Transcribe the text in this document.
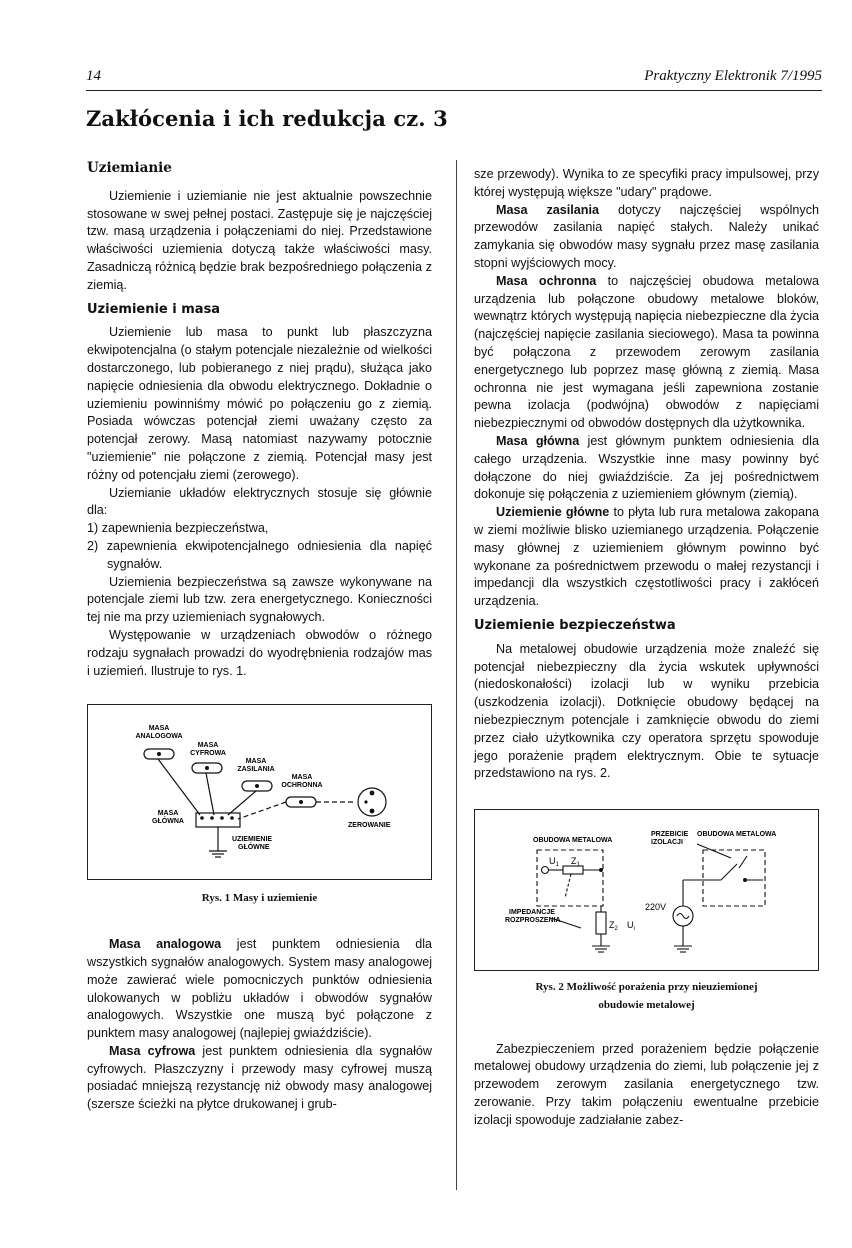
14	Praktyczny Elektronik 7/1995
Zakłócenia i ich redukcja cz. 3
Uziemianie

Uziemienie i uziemianie nie jest aktualnie powszechnie stosowane w swej pełnej postaci. Zastępuje się je najczęściej tzw. masą urządzenia i połączeniami do niej. Przedstawione właściwości uziemienia dotyczą także właściwości masy. Zasadniczą różnicą będzie brak bezpośredniego połączenia z ziemią.

Uziemienie i masa

Uziemienie lub masa to punkt lub płaszczyzna ekwipotencjalna (o stałym potencjale niezależnie od wielkości dostarczonego, lub pobieranego z niej prądu), służąca jako napięcie odniesienia dla obwodu elektrycznego. Dokładnie o uziemieniu powinniśmy mówić po połączeniu go z ziemią. Posiada wówczas potencjał ziemi uważany często za potencjał zerowy. Masą natomiast nazywamy potocznie "uziemienie" nie połączone z ziemią. Potencjał masy jest różny od potencjału ziemi (zerowego).

Uziemianie układów elektrycznych stosuje się głównie dla:

1) zapewnienia bezpieczeństwa,
2) zapewnienia ekwipotencjalnego odniesienia dla napięć sygnałów.

Uziemienia bezpieczeństwa są zawsze wykonywane na potencjale ziemi lub tzw. zera energetycznego. Konieczności tej nie ma przy uziemieniach sygnałowych.

Występowanie w urządzeniach obwodów o różnego rodzaju sygnałach prowadzi do wyodrębnienia rodzajów mas i uziemień. Ilustruje to rys. 1.

MASA
ANALOGOWA
MASA
CYFROWA
MASA
ZASILANIA
MASA
OCHRONNA
MASA
GŁÓWNA
ZEROWANIE
UZIEMIENIE
GŁÓWNE

Rys. 1 Masy i uziemienie

Masa analogowa jest punktem odniesienia dla wszystkich sygnałów analogowych. System masy analogowej może zawierać wiele pomocniczych punktów odniesienia ulokowanych w pobliżu układów i obwodów sygnałów analogowych. Wszystkie one muszą być połączone z punktem masy analogowej (najlepiej gwiaździście).

Masa cyfrowa jest punktem odniesienia dla sygnałów cyfrowych. Płaszczyzny i przewody masy cyfrowej muszą posiadać mniejszą rezystancję niż obwody masy analogowej (szersze ścieżki na płytce drukowanej i grub-

sze przewody). Wynika to ze specyfiki pracy impulsowej, przy której występują większe "udary" prądowe.

Masa zasilania dotyczy najczęściej wspólnych przewodów zasilania napięć stałych. Należy unikać zamykania się obwodów masy sygnału przez masę zasilania stopni wyjściowych mocy.

Masa ochronna to najczęściej obudowa metalowa urządzenia lub połączone obudowy metalowe bloków, wewnątrz których występują napięcia niebezpieczne dla życia (najczęściej napięcie zasilania sieciowego). Masa ta powinna być połączona z przewodem zerowym zasilania energetycznego lub poprzez masę główną z ziemią. Masa ochronna nie jest wymagana jeśli zapewniona zostanie pewna izolacja (podwójna) obwodów z napięciami niebezpiecznymi od obwodów dostępnych dla użytkownika.

Masa główna jest głównym punktem odniesienia dla całego urządzenia. Wszystkie inne masy powinny być dołączone do niej gwiaździście. Za jej pośrednictwem dokonuje się połączenia z uziemieniem głównym (ziemią).

Uziemienie główne to płyta lub rura metalowa zakopana w ziemi możliwie blisko uziemianego urządzenia. Połączenie masy głównej z uziemieniem głównym powinno być wykonane za pośrednictwem przewodu o małej rezystancji i impedancji dla wszystkich częstotliwości pracy i zakłóceń urządzenia.

Uziemienie bezpieczeństwa

Na metalowej obudowie urządzenia może znaleźć się potencjał niebezpieczny dla życia wskutek upływności (niedoskonałości) izolacji lub w wyniku przebicia (uszkodzenia izolacji). Dotknięcie obudowy będącej na niebezpiecznym potencjale i zamknięcie obwodu do ziemi przez ciało użytkownika czy operatora sprzętu spowoduje jego porażenie prądem elektrycznym. Obie te sytuacje przedstawiono na rys. 2.

OBUDOWA METALOWA
PRZEBICIE
IZOLACJI
OBUDOWA METALOWA
$U_1$ $Z_1$
IMPEDANCJE
ROZPROSZENIA	$Z_2$ $U_i$
220V

Rys. 2 Możliwość porażenia przy nieuziemionej

obudowie metalowej

Zabezpieczeniem przed porażeniem będzie połączenie metalowej obudowy urządzenia do ziemi, lub połączenie jej z przewodem zerowym zasilania energetycznego tzw. zerowanie. Przy takim połączeniu ewentualne przebicie izolacji spowoduje zadziałanie zabez-
